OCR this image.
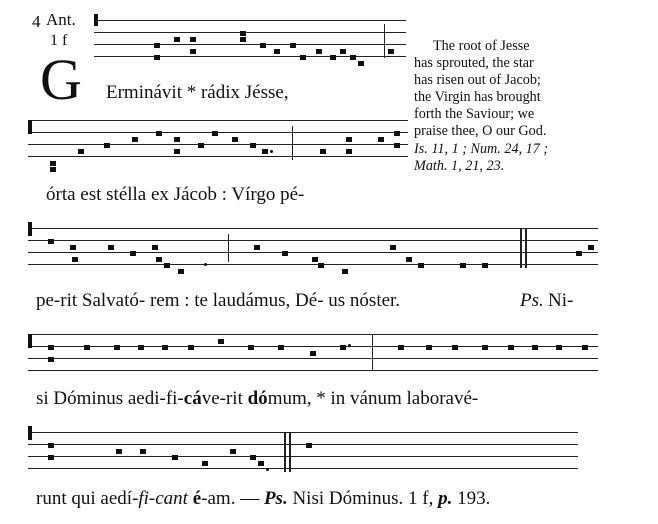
4 Ant.
1 f
G Erminávit * rádix Jésse,
The root of Jesse
has sprouted, the star
has risen out of Jacob;
the Virgin has brought
forth the Saviour; we
praise thee, O our God.
Is. 11, 1 ; Num. 24, 17 ;
Math. 1, 21, 23.
órta est stélla ex Jácob : Vírgo pé-
pe-rit Salvató- rem : te laudámus, Dé- us nóster.	Ps. Ni-
si Dóminus aedi-fi-cáve-rit dómum, * in vánum laboravé-
runt qui aedí-fi-cant é-am. — Ps. Nisi Dóminus. 1 f, p. 193.
